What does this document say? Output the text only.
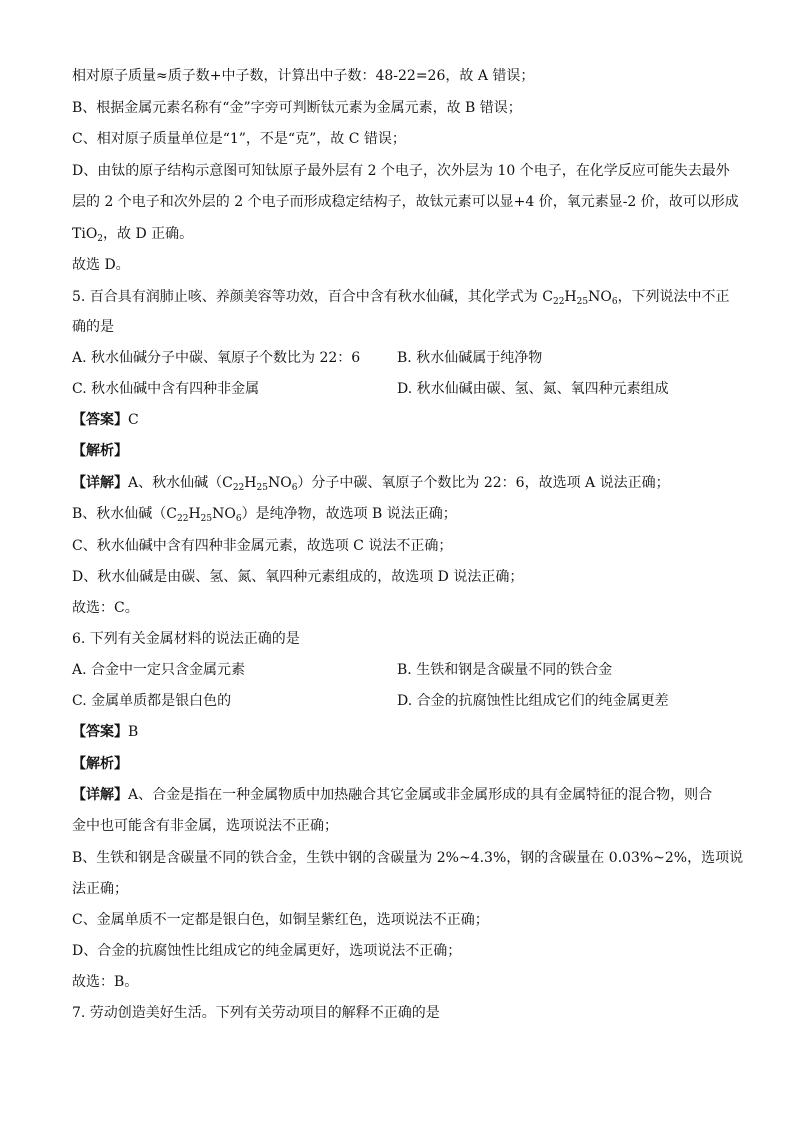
相对原子质量≈质子数+中子数，计算出中子数：48-22=26，故 A 错误；
B、根据金属元素名称有“金”字旁可判断钛元素为金属元素，故 B 错误；
C、相对原子质量单位是“1”，不是“克”，故 C 错误；
D、由钛的原子结构示意图可知钛原子最外层有 2 个电子，次外层为 10 个电子，在化学反应可能失去最外
层的 2 个电子和次外层的 2 个电子而形成稳定结构子，故钛元素可以显+4 价，氧元素显-2 价，故可以形成
TiO$_2$，故 D 正确。
故选 D。
5. 百合具有润肺止咳、养颜美容等功效，百合中含有秋水仙碱，其化学式为 $C_{22}H_{25}NO_6$，下列说法中不正
确的是
A. 秋水仙碱分子中碳、氧原子个数比为 22：6	B. 秋水仙碱属于纯净物
C. 秋水仙碱中含有四种非金属	D. 秋水仙碱由碳、氢、氮、氧四种元素组成
【答案】C
【解析】
【详解】A、秋水仙碱$(C_{22}H_{25}NO_6)$分子中碳、氧原子个数比为 22：6，故选项 A 说法正确；
B、秋水仙碱$(C_{22}H_{25}NO_6)$是纯净物，故选项 B 说法正确；
C、秋水仙碱中含有四种非金属元素，故选项 C 说法不正确；
D、秋水仙碱是由碳、氢、氮、氧四种元素组成的，故选项 D 说法正确；
故选：C。
6. 下列有关金属材料的说法正确的是
A. 合金中一定只含金属元素	B. 生铁和钢是含碳量不同的铁合金
C. 金属单质都是银白色的	D. 合金的抗腐蚀性比组成它们的纯金属更差
【答案】B
【解析】
【详解】A、合金是指在一种金属物质中加热融合其它金属或非金属形成的具有金属特征的混合物，则合
金中也可能含有非金属，选项说法不正确；
B、生铁和钢是含碳量不同的铁合金，生铁中钢的含碳量为 2%~4.3%，钢的含碳量在 0.03%~2%，选项说
法正确；
C、金属单质不一定都是银白色，如铜呈紫红色，选项说法不正确；
D、合金的抗腐蚀性比组成它的纯金属更好，选项说法不正确；
故选：B。
7. 劳动创造美好生活。下列有关劳动项目的解释不正确的是
